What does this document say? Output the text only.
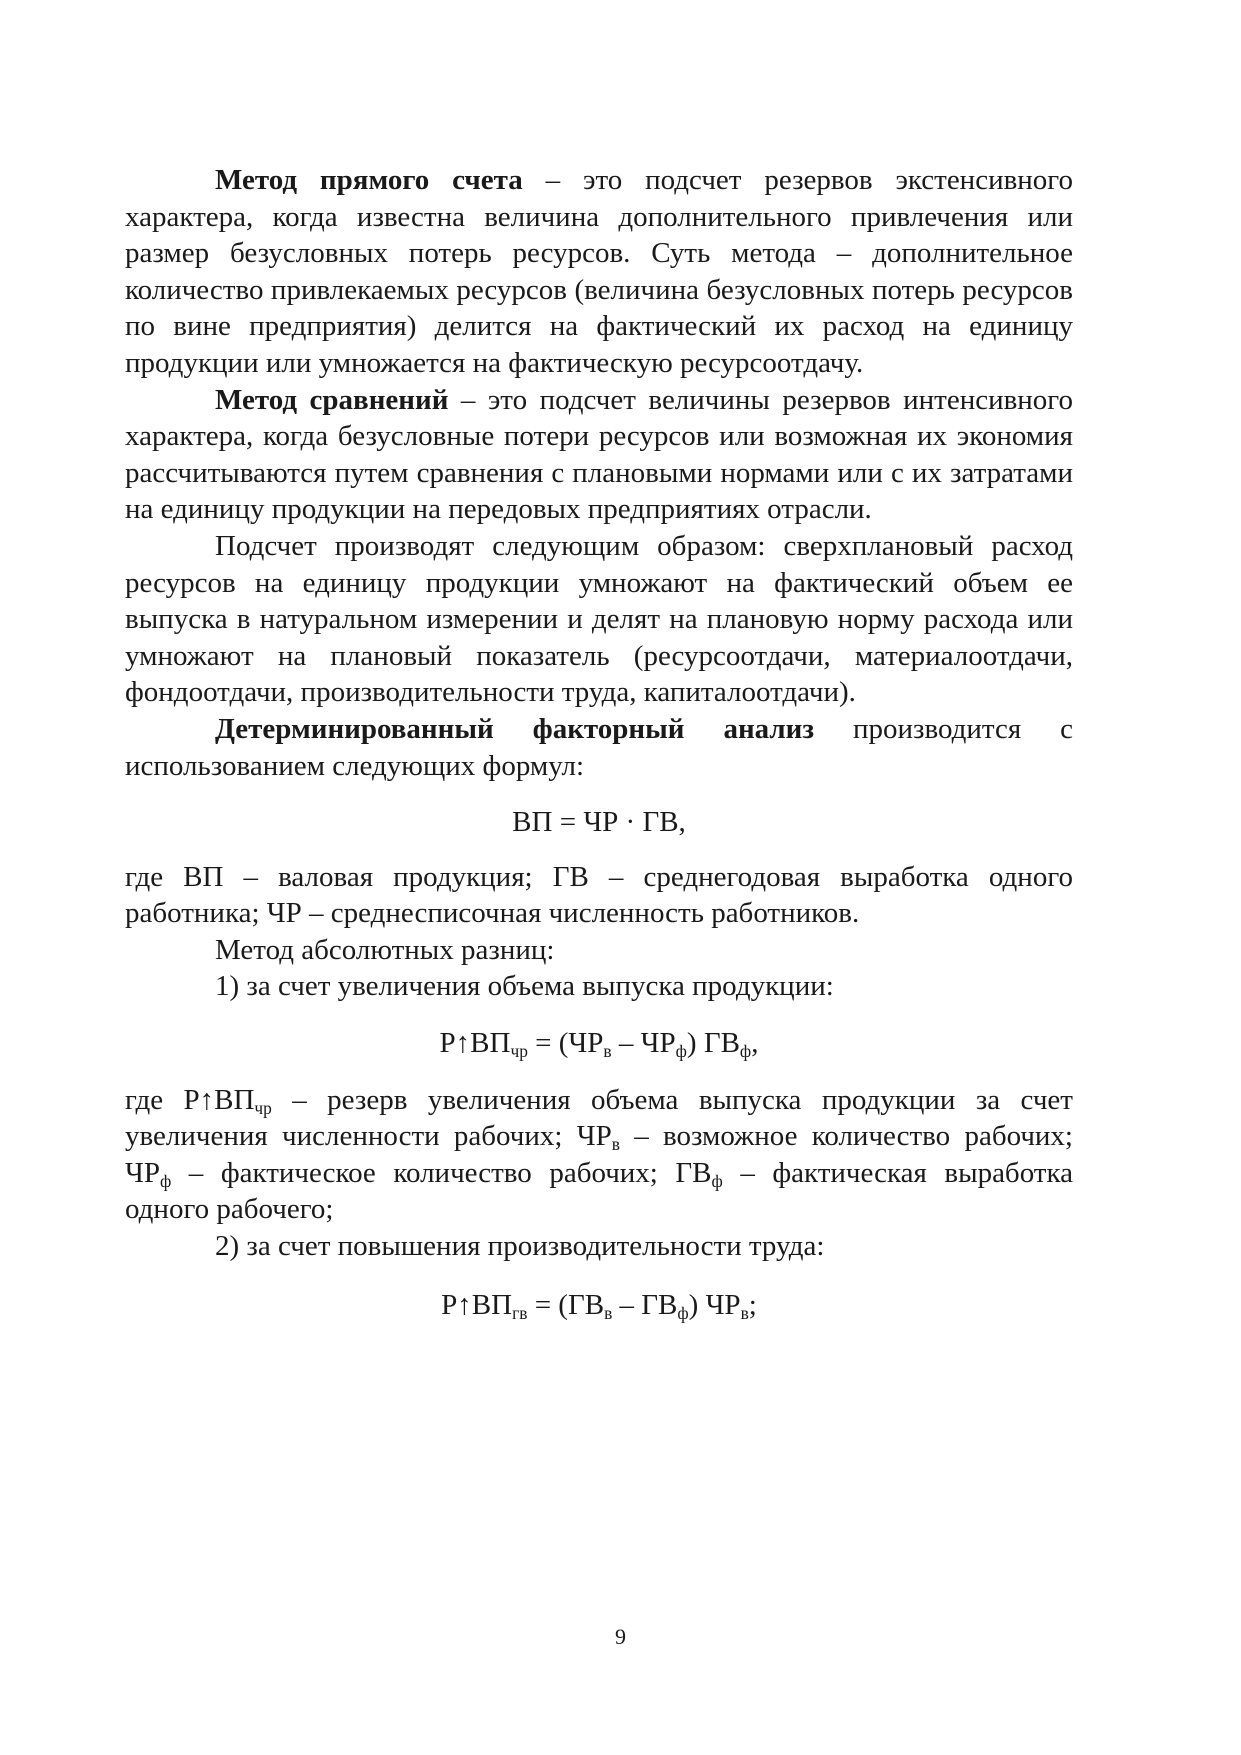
Метод прямого счета – это подсчет резервов экстенсивного характера, когда известна величина дополнительного привлечения или размер безусловных потерь ресурсов. Суть метода – дополнительное количество привлекаемых ресурсов (величина безусловных потерь ресурсов по вине предприятия) делится на фактический их расход на единицу продукции или умножается на фактическую ресурсоотдачу.

Метод сравнений – это подсчет величины резервов интенсивного характера, когда безусловные потери ресурсов или возможная их экономия рассчитываются путем сравнения с плановыми нормами или с их затратами на единицу продукции на передовых предприятиях отрасли.

Подсчет производят следующим образом: сверхплановый расход ресурсов на единицу продукции умножают на фактический объем ее выпуска в натуральном измерении и делят на плановую норму расхода или умножают на плановый показатель (ресурсоотдачи, материалоотдачи, фондоотдачи, производительности труда, капиталоотдачи).

Детерминированный факторный анализ производится с использованием следующих формул:

ВП = ЧР · ГВ,

где ВП – валовая продукция; ГВ – среднегодовая выработка одного работника; ЧР – среднесписочная численность работников.

Метод абсолютных разниц:

1) за счет увеличения объема выпуска продукции:

$Р↑ВП_{чр} = (ЧР_в - ЧР_ф)$ $ГВ_ф$,

где $Р↑ВП_{чр}$ – резерв увеличения объема выпуска продукции за счет увеличения численности рабочих; $ЧР_в$ – возможное количество рабочих; $ЧР_ф$ – фактическое количество рабочих; $ГВ_ф$ – фактическая выработка одного рабочего;

2) за счет повышения производительности труда:

$Р↑ВП_{гв} = (ГВ_в - ГВ_ф)$ $ЧР_в$;

9
